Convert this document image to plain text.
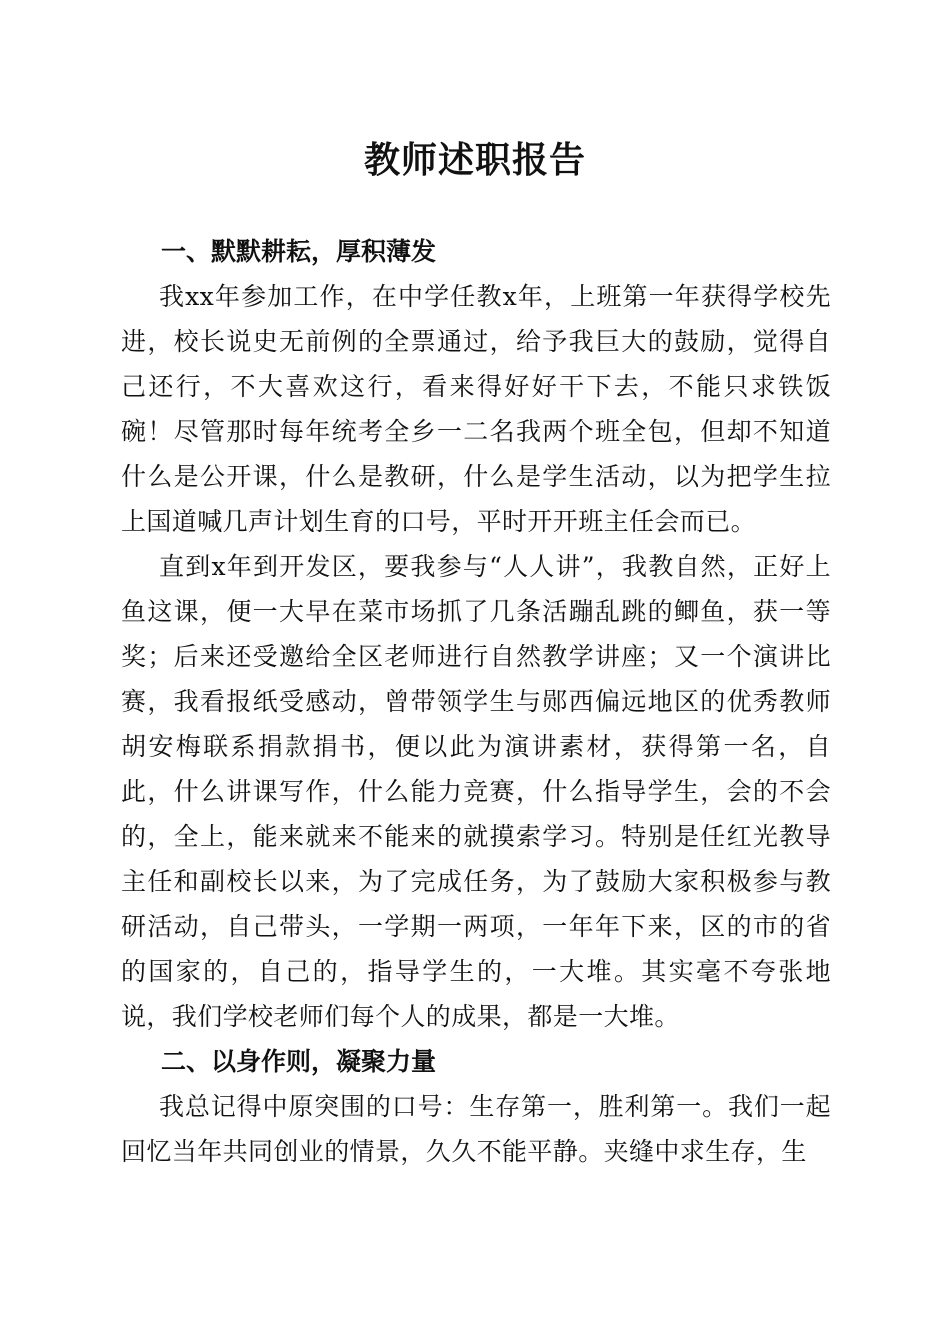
教师述职报告

一、默默耕耘，厚积薄发

我xx年参加工作，在中学任教x年，上班第一年获得学校先进，校长说史无前例的全票通过，给予我巨大的鼓励，觉得自己还行，不大喜欢这行，看来得好好干下去，不能只求铁饭碗！尽管那时每年统考全乡一二名我两个班全包，但却不知道什么是公开课，什么是教研，什么是学生活动，以为把学生拉上国道喊几声计划生育的口号，平时开开班主任会而已。

直到x年到开发区，要我参与“人人讲”，我教自然，正好上鱼这课，便一大早在菜市场抓了几条活蹦乱跳的鲫鱼，获一等奖；后来还受邀给全区老师进行自然教学讲座；又一个演讲比赛，我看报纸受感动，曾带领学生与郧西偏远地区的优秀教师胡安梅联系捐款捐书，便以此为演讲素材，获得第一名，自此，什么讲课写作，什么能力竞赛，什么指导学生，会的不会的，全上，能来就来不能来的就摸索学习。特别是任红光教导主任和副校长以来，为了完成任务，为了鼓励大家积极参与教研活动，自己带头，一学期一两项，一年年下来，区的市的省的国家的，自己的，指导学生的，一大堆。其实毫不夸张地说，我们学校老师们每个人的成果，都是一大堆。

二、以身作则，凝聚力量

我总记得中原突围的口号：生存第一，胜利第一。我们一起回忆当年共同创业的情景，久久不能平静。夹缝中求生存，生
